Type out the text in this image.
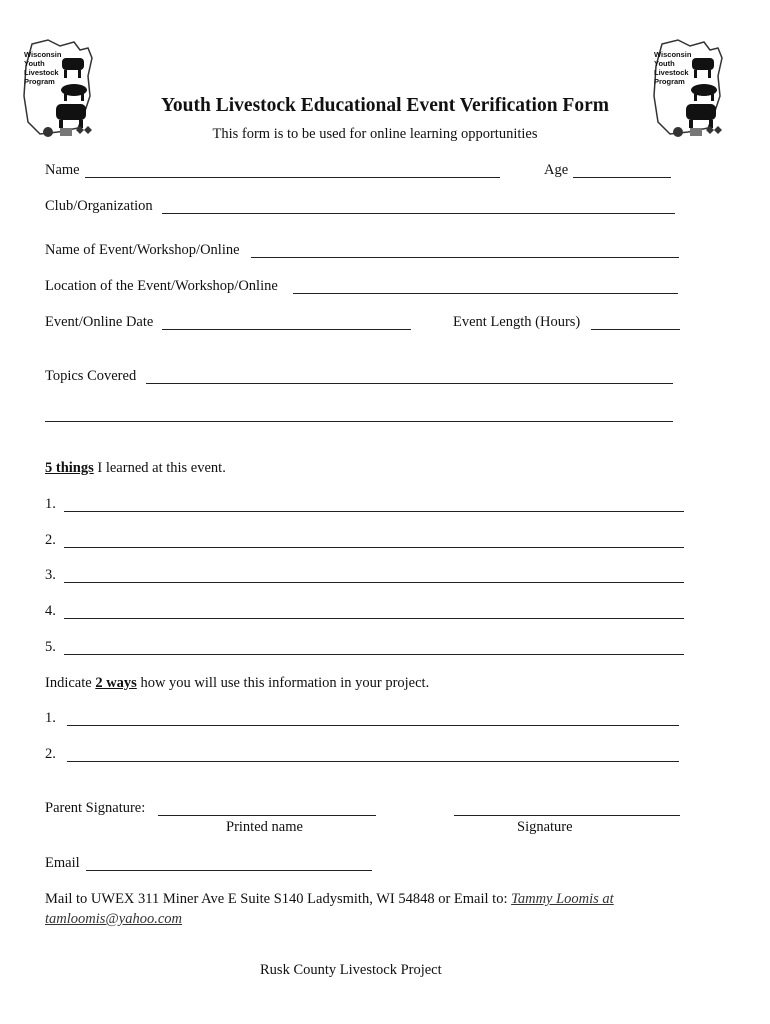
Wisconsin
Youth
Livestock
Program
Wisconsin
Youth
Livestock
Program
Youth Livestock Educational Event Verification Form
This form is to be used for online learning opportunities
Name	Age
Club/Organization
Name of Event/Workshop/Online
Location of the Event/Workshop/Online
Event/Online Date	Event Length (Hours)
Topics Covered
5 things I learned at this event.
1.
2.
3.
4.
5.
Indicate 2 ways how you will use this information in your project.
1.
2.
Parent Signature:
Printed name	Signature
Email
Mail to UWEX 311 Miner Ave E Suite S140 Ladysmith, WI 54848 or Email to: Tammy Loomis at
tamloomis@yahoo.com
Rusk County Livestock Project
